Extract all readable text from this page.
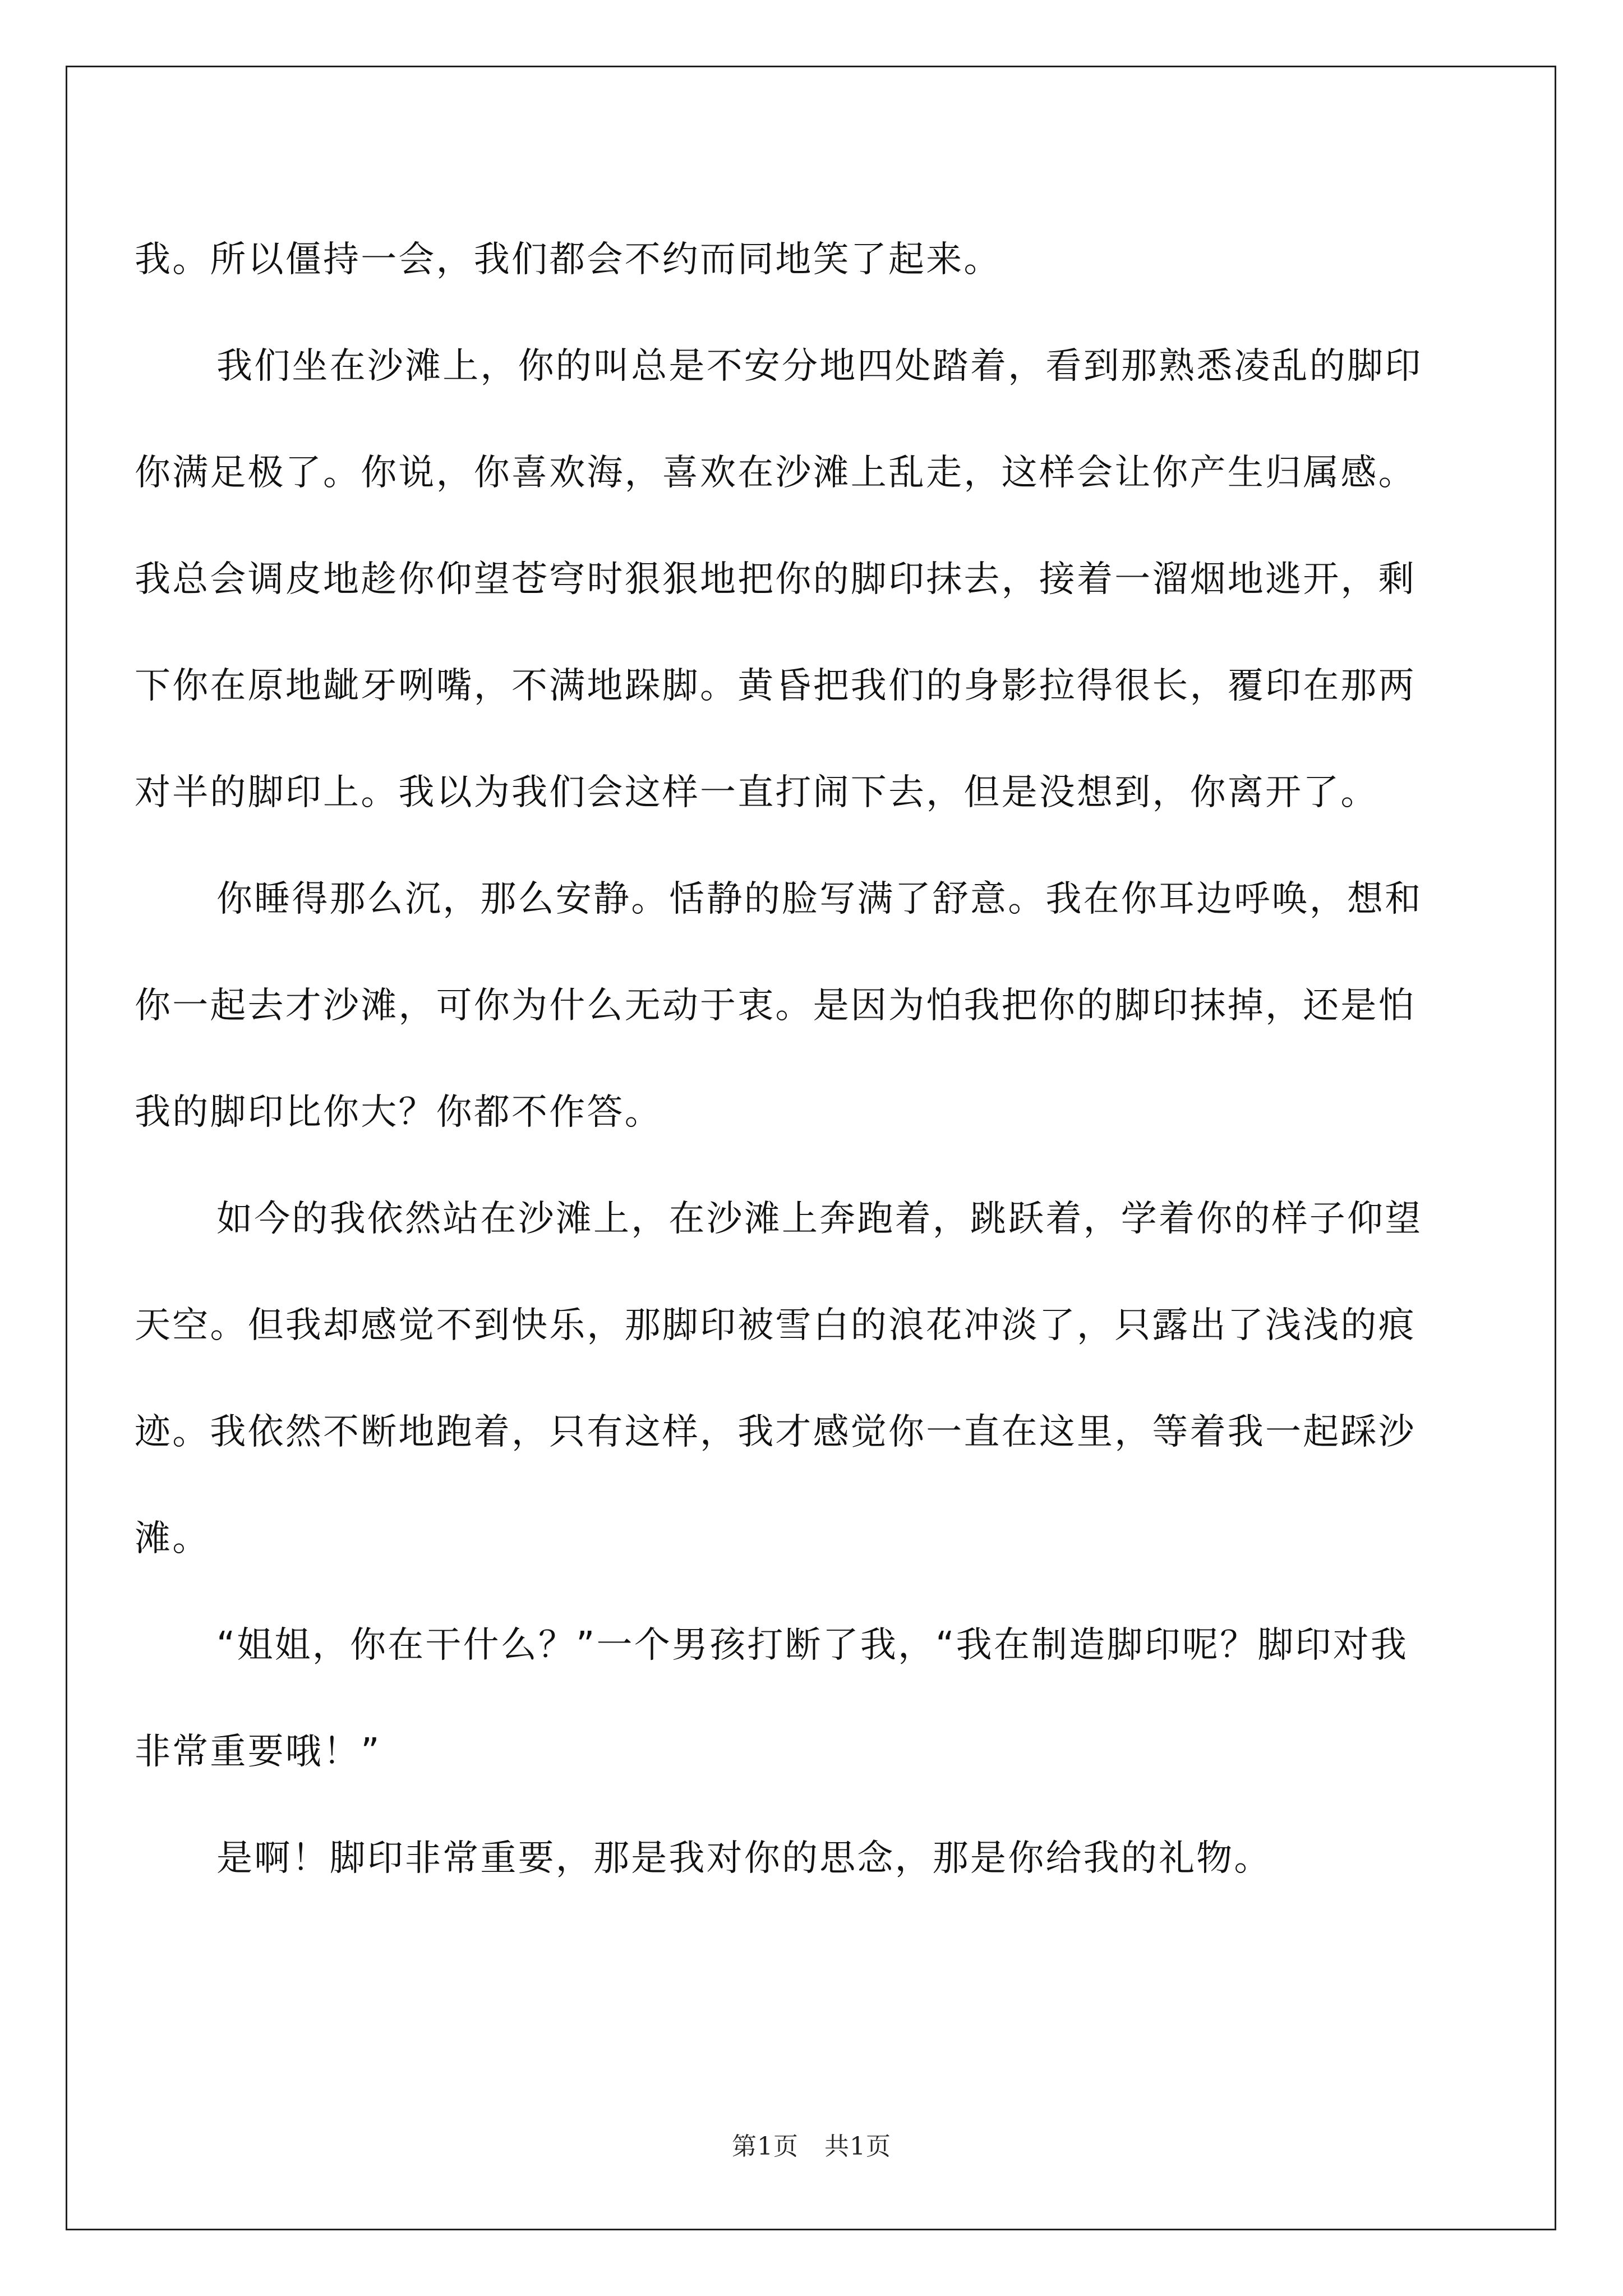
我。所以僵持一会，我们都会不约而同地笑了起来。

我们坐在沙滩上，你的叫总是不安分地四处踏着，看到那熟悉凌乱的脚印你满足极了。你说，你喜欢海，喜欢在沙滩上乱走，这样会让你产生归属感。我总会调皮地趁你仰望苍穹时狠狠地把你的脚印抹去，接着一溜烟地逃开，剩下你在原地龇牙咧嘴，不满地跺脚。黄昏把我们的身影拉得很长，覆印在那两对半的脚印上。我以为我们会这样一直打闹下去，但是没想到，你离开了。

你睡得那么沉，那么安静。恬静的脸写满了舒意。我在你耳边呼唤，想和你一起去才沙滩，可你为什么无动于衷。是因为怕我把你的脚印抹掉，还是怕我的脚印比你大？你都不作答。

如今的我依然站在沙滩上，在沙滩上奔跑着，跳跃着，学着你的样子仰望天空。但我却感觉不到快乐，那脚印被雪白的浪花冲淡了，只露出了浅浅的痕迹。我依然不断地跑着，只有这样，我才感觉你一直在这里，等着我一起踩沙滩。

“姐姐，你在干什么？”一个男孩打断了我，“我在制造脚印呢？脚印对我非常重要哦！”

是啊！脚印非常重要，那是我对你的思念，那是你给我的礼物。

第1页 共1页
